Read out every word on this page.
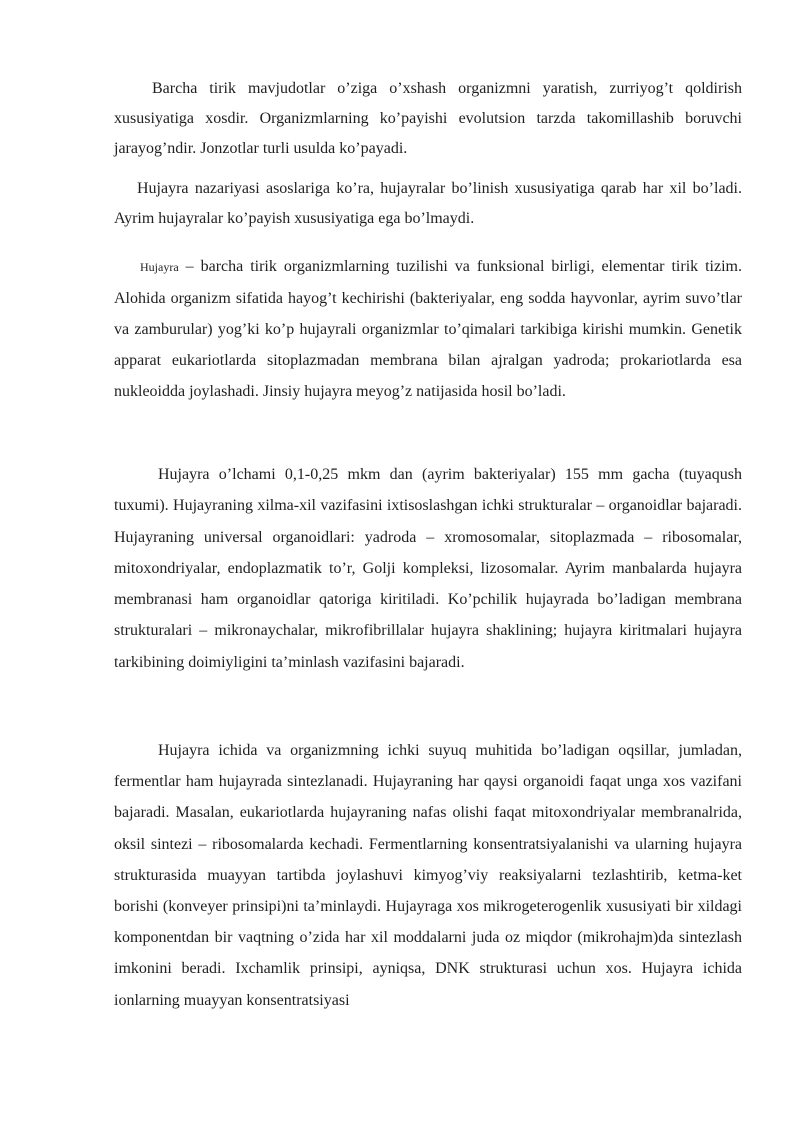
Barcha tirik mavjudotlar o’ziga o’xshash organizmni yaratish, zurriyog’t qoldirish xususiyatiga xosdir. Organizmlarning ko’payishi evolutsion tarzda takomillashib boruvchi jarayog’ndir. Jonzotlar turli usulda ko’payadi.

Hujayra nazariyasi asoslariga ko’ra, hujayralar bo’linish xususiyatiga qarab har xil bo’ladi. Ayrim hujayralar ko’payish xususiyatiga ega bo’lmaydi.

Hujayra – barcha tirik organizmlarning tuzilishi va funksional birligi, elementar tirik tizim. Alohida organizm sifatida hayog’t kechirishi (bakteriyalar, eng sodda hayvonlar, ayrim suvo’tlar va zamburular) yog’ki ko’p hujayrali organizmlar to’qimalari tarkibiga kirishi mumkin. Genetik apparat eukariotlarda sitoplazmadan membrana bilan ajralgan yadroda; prokariotlarda esa nukleoidda joylashadi. Jinsiy hujayra meyog’z natijasida hosil bo’ladi.

Hujayra o’lchami 0,1-0,25 mkm dan (ayrim bakteriyalar) 155 mm gacha (tuyaqush tuxumi). Hujayraning xilma-xil vazifasini ixtisoslashgan ichki strukturalar – organoidlar bajaradi. Hujayraning universal organoidlari: yadroda – xromosomalar, sitoplazmada – ribosomalar, mitoxondriyalar, endoplazmatik to’r, Golji kompleksi, lizosomalar. Ayrim manbalarda hujayra membranasi ham organoidlar qatoriga kiritiladi. Ko’pchilik hujayrada bo’ladigan membrana strukturalari – mikronaychalar, mikrofibrillalar hujayra shaklining; hujayra kiritmalari hujayra tarkibining doimiyligini ta’minlash vazifasini bajaradi.

Hujayra ichida va organizmning ichki suyuq muhitida bo’ladigan oqsillar, jumladan, fermentlar ham hujayrada sintezlanadi. Hujayraning har qaysi organoidi faqat unga xos vazifani bajaradi. Masalan, eukariotlarda hujayraning nafas olishi faqat mitoxondriyalar membranalrida, oksil sintezi – ribosomalarda kechadi. Fermentlarning konsentratsiyalanishi va ularning hujayra strukturasida muayyan tartibda joylashuvi kimyog’viy reaksiyalarni tezlashtirib, ketma-ket borishi (konveyer prinsipi)ni ta’minlaydi. Hujayraga xos mikrogeterogenlik xususiyati bir xildagi komponentdan bir vaqtning o’zida har xil moddalarni juda oz miqdor (mikrohajm)da sintezlash imkonini beradi. Ixchamlik prinsipi, ayniqsa, DNK strukturasi uchun xos. Hujayra ichida ionlarning muayyan konsentratsiyasi
